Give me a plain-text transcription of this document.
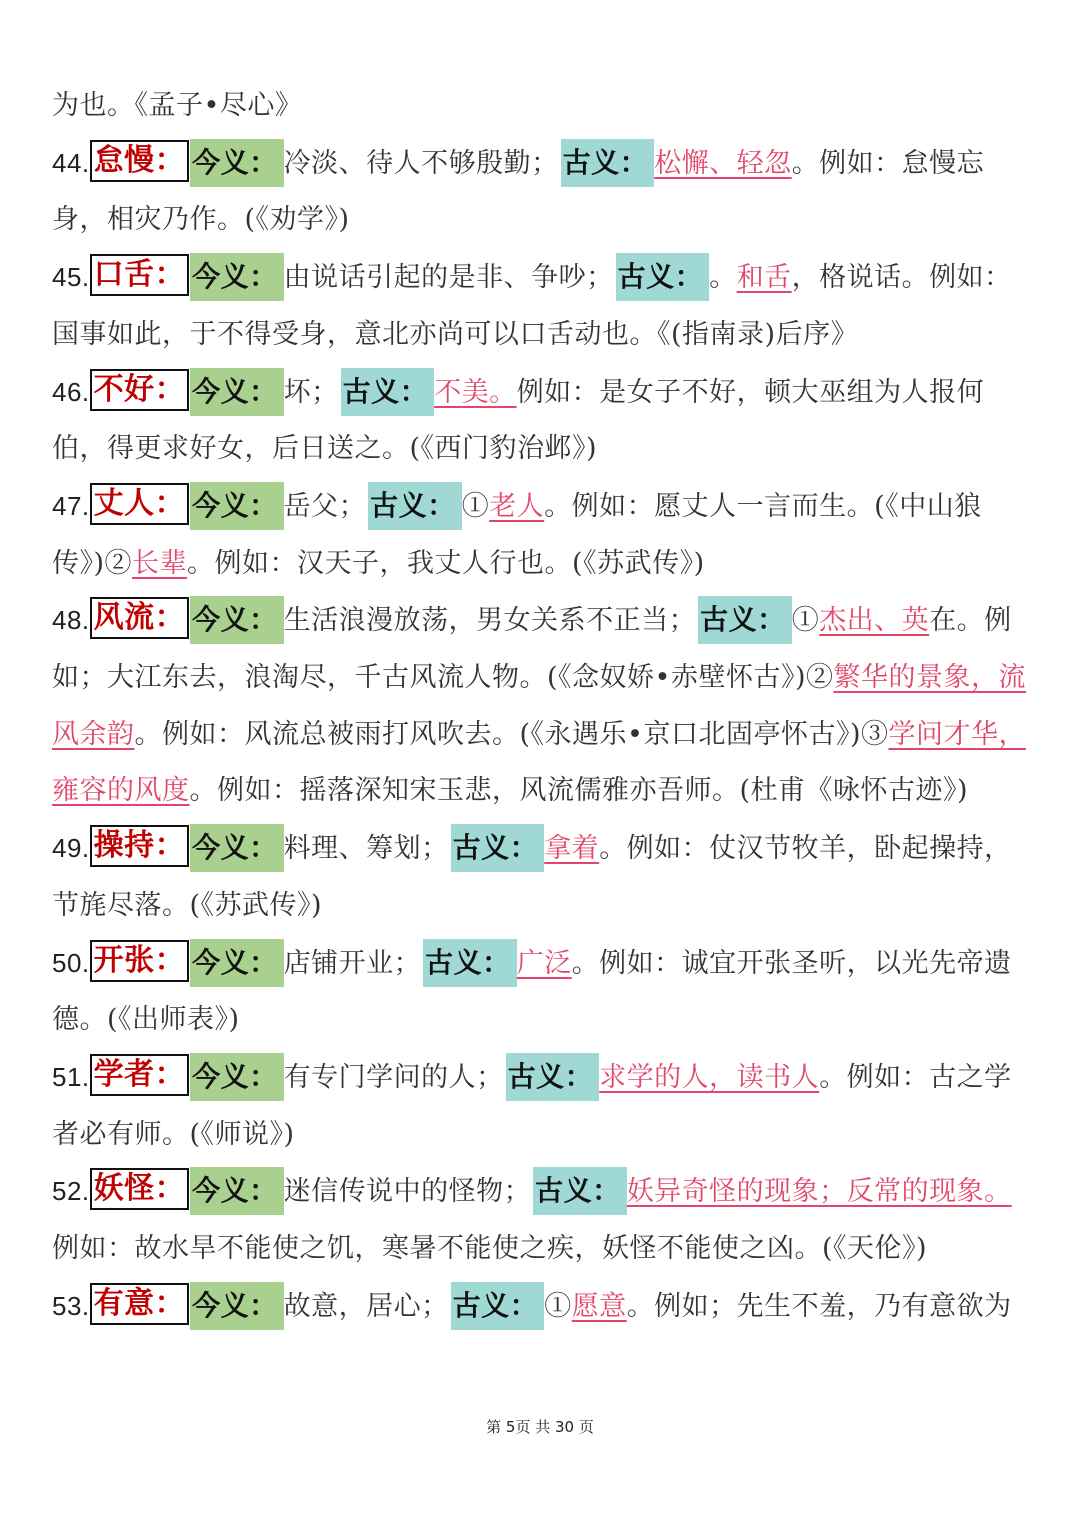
为也。《孟子•尽心》

44. 怠慢： 今义： 冷淡、待人不够殷勤； 古义： 松懈、轻忽。例如：怠慢忘身，相灾乃作。(《劝学》)

45. 口舌： 今义： 由说话引起的是非、争吵； 古义： 。和舌，格说话。例如：国事如此，于不得受身，意北亦尚可以口舌动也。《(指南录)后序》

46. 不好： 今义： 坏； 古义： 不美。例如：是女子不好，顿大巫组为人报何伯，得更求好女，后日送之。(《西门豹治邺》)

47. 丈人： 今义： 岳父； 古义： ①老人。例如：愿丈人一言而生。(《中山狼传》)②长辈。例如：汉天子，我丈人行也。(《苏武传》)

48. 风流： 今义： 生活浪漫放荡，男女关系不正当； 古义： ①杰出、英在。例如；大江东去，浪淘尽，千古风流人物。(《念奴娇•赤壁怀古》)②繁华的景象，流风余韵。例如：风流总被雨打风吹去。(《永遇乐•京口北固亭怀古》)③学问才华，雍容的风度。例如：摇落深知宋玉悲，风流儒雅亦吾师。(杜甫《咏怀古迹》)

49. 操持： 今义： 料理、筹划； 古义： 拿着。例如：仗汉节牧羊，卧起操持，节旄尽落。(《苏武传》)

50. 开张： 今义： 店铺开业； 古义： 广泛。例如：诚宜开张圣听，以光先帝遗德。(《出师表》)

51. 学者： 今义： 有专门学问的人； 古义： 求学的人，读书人。例如：古之学者必有师。(《师说》)

52. 妖怪： 今义： 迷信传说中的怪物； 古义： 妖异奇怪的现象；反常的现象。例如：故水旱不能使之饥，寒暑不能使之疾，妖怪不能使之凶。(《天伦》)

53. 有意： 今义： 故意，居心； 古义： ①愿意。例如；先生不羞，乃有意欲为

第 5页 共 30 页
